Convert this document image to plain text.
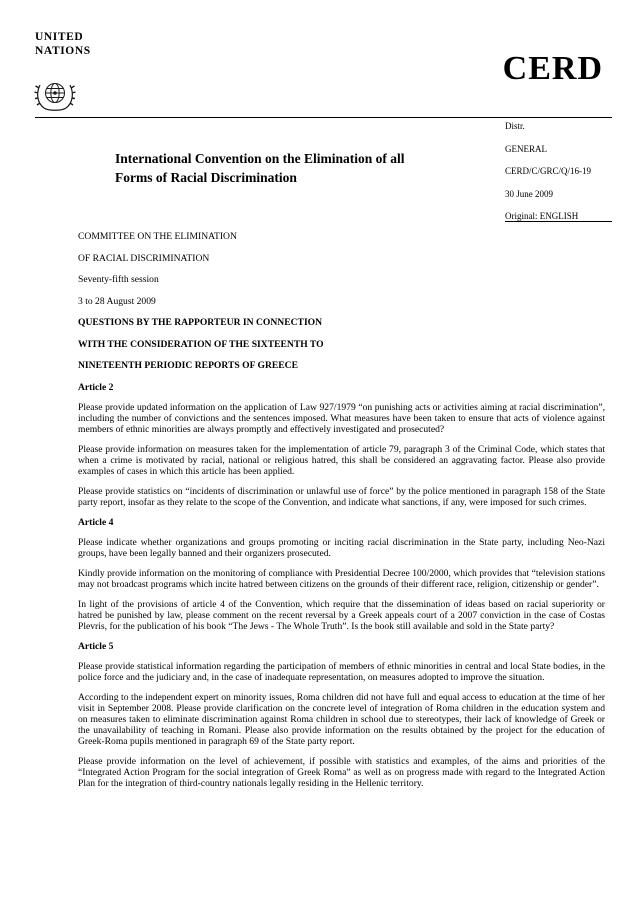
UNITED
NATIONS	CERD
Distr.
GENERAL
CERD/C/GRC/Q/16-19
30 June 2009
Original: ENGLISH
International Convention on the Elimination of all
Forms of Racial Discrimination
COMMITTEE ON THE ELIMINATION
OF RACIAL DISCRIMINATION
Seventy-fifth session
3 to 28 August 2009
QUESTIONS BY THE RAPPORTEUR IN CONNECTION
WITH THE CONSIDERATION OF THE SIXTEENTH TO
NINETEENTH PERIODIC REPORTS OF GREECE
Article 2

Please provide updated information on the application of Law 927/1979 “on punishing acts or activities aiming at racial discrimination”, including the number of convictions and the sentences imposed. What measures have been taken to ensure that acts of violence against members of ethnic minorities are always promptly and effectively investigated and prosecuted?

Please provide information on measures taken for the implementation of article 79, paragraph 3 of the Criminal Code, which states that when a crime is motivated by racial, national or religious hatred, this shall be considered an aggravating factor. Please also provide examples of cases in which this article has been applied.

Please provide statistics on “incidents of discrimination or unlawful use of force” by the police mentioned in paragraph 158 of the State party report, insofar as they relate to the scope of the Convention, and indicate what sanctions, if any, were imposed for such crimes.

Article 4

Please indicate whether organizations and groups promoting or inciting racial discrimination in the State party, including Neo-Nazi groups, have been legally banned and their organizers prosecuted.

Kindly provide information on the monitoring of compliance with Presidential Decree 100/2000, which provides that “television stations may not broadcast programs which incite hatred between citizens on the grounds of their different race, religion, citizenship or gender”.

In light of the provisions of article 4 of the Convention, which require that the dissemination of ideas based on racial superiority or hatred be punished by law, please comment on the recent reversal by a Greek appeals court of a 2007 conviction in the case of Costas Plevris, for the publication of his book “The Jews - The Whole Truth”. Is the book still available and sold in the State party?

Article 5

Please provide statistical information regarding the participation of members of ethnic minorities in central and local State bodies, in the police force and the judiciary and, in the case of inadequate representation, on measures adopted to improve the situation.

According to the independent expert on minority issues, Roma children did not have full and equal access to education at the time of her visit in September 2008. Please provide clarification on the concrete level of integration of Roma children in the education system and on measures taken to eliminate discrimination against Roma children in school due to stereotypes, their lack of knowledge of Greek or the unavailability of teaching in Romani. Please also provide information on the results obtained by the project for the education of Greek-Roma pupils mentioned in paragraph 69 of the State party report.

Please provide information on the level of achievement, if possible with statistics and examples, of the aims and priorities of the “Integrated Action Program for the social integration of Greek Roma” as well as on progress made with regard to the Integrated Action Plan for the integration of third-country nationals legally residing in the Hellenic territory.
